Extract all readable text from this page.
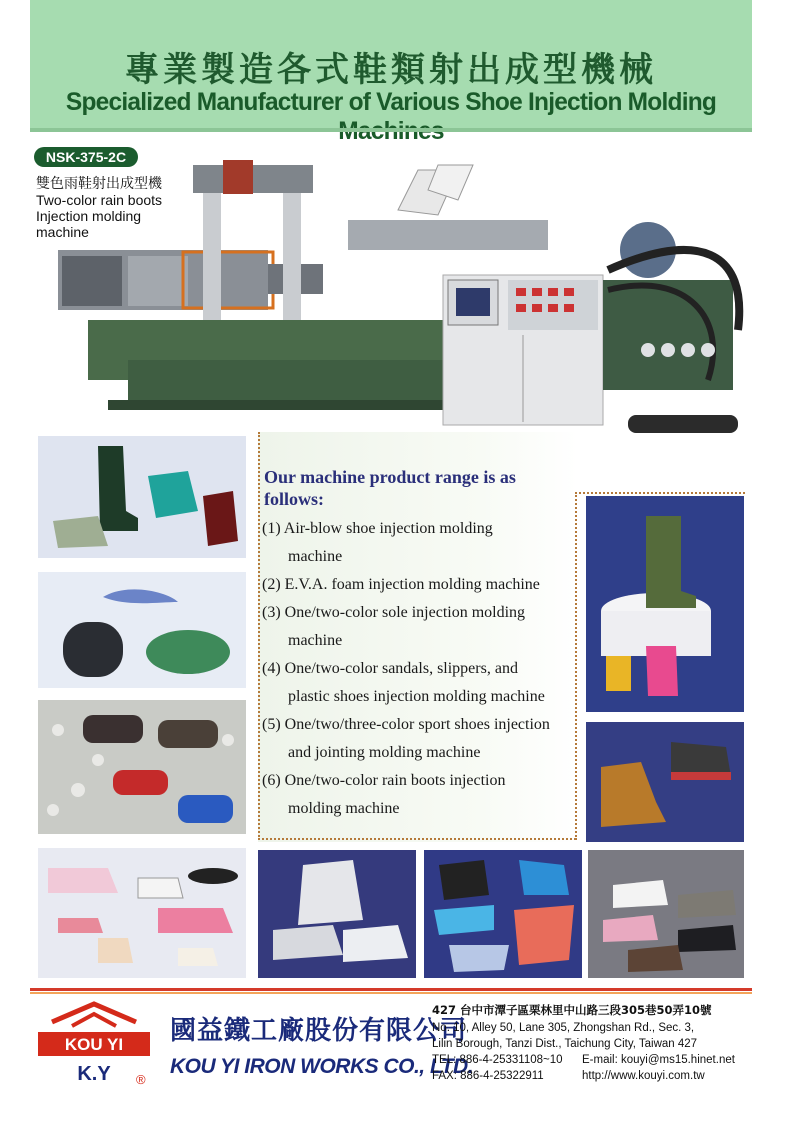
專業製造各式鞋類射出成型機械
Specialized Manufacturer of Various Shoe Injection Molding
NSK-375-2C
雙色雨鞋射出成型機
Two-color rain boots Injection molding machine
Our machine product range is as follows:
(1) Air-blow shoe injection molding
machine
(2) E.V.A. foam injection molding machine
(3) One/two-color sole injection molding
machine
(4) One/two-color sandals, slippers, and
plastic shoes injection molding machine
(5) One/two/three-color sport shoes injection
and jointing molding machine
(6) One/two-color rain boots injection
molding machine
KOU YI
K.Y ®
國益鐵工廠股份有限公司
KOU YI IRON WORKS CO., LTD.
427 台中市潭子區栗林里中山路三段305巷50弄10號
No. 10, Alley 50, Lane 305, Zhongshan Rd., Sec. 3,
Lilin Borough, Tanzi Dist., Taichung City, Taiwan 427
TEL: 886-4-25331108~10 E-mail: kouyi@ms15.hinet.net
FAX: 886-4-25322911	http://www.kouyi.com.tw
